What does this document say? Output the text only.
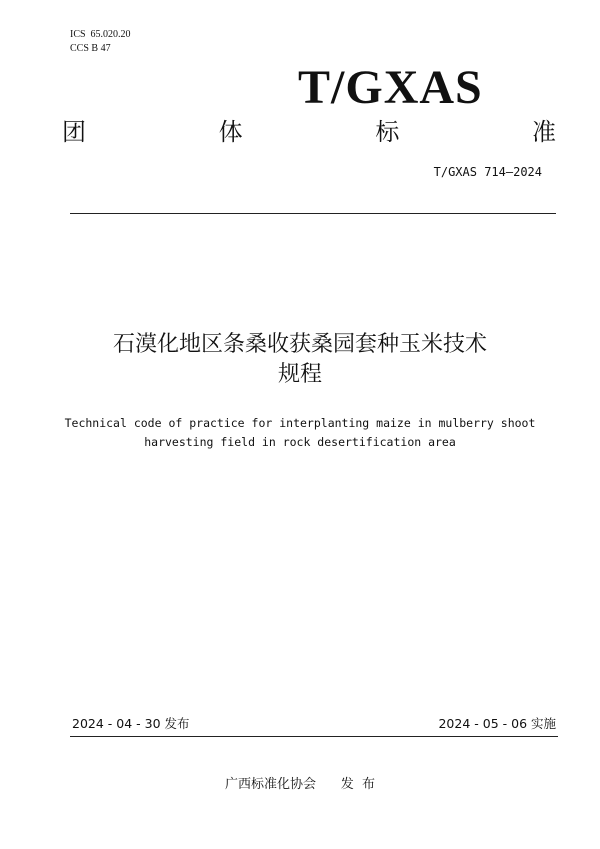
ICS  65.020.20
CCS B 47
T/GXAS
团	体	标	准
T/GXAS 714—2024
石漠化地区条桑收获桑园套种玉米技术
规程
Technical code of practice for interplanting maize in mulberry shoot
harvesting field in rock desertification area
2024 - 04 - 30 发布	2024 - 05 - 06 实施
广西标准化协会 发  布
